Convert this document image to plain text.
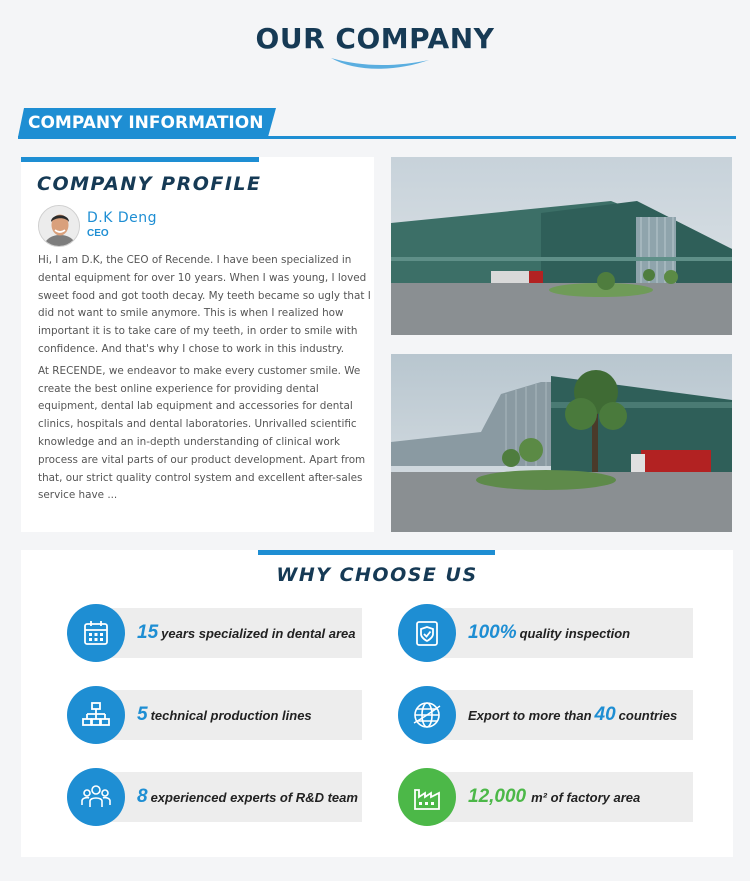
OUR COMPANY
COMPANY INFORMATION
COMPANY PROFILE
D.K Deng
CEO

Hi, I am D.K, the CEO of Recende. I have been specialized in dental equipment for over 10 years. When I was young, I loved sweet food and got tooth decay. My teeth became so ugly that I did not want to smile anymore. This is when I realized how important it is to take care of my teeth, in order to smile with confidence. And that's why I chose to work in this industry.

At RECENDE, we endeavor to make every customer smile. We create the best online experience for providing dental equipment, dental lab equipment and accessories for dental clinics, hospitals and dental laboratories. Unrivalled scientific knowledge and an in-depth understanding of clinical work process are vital parts of our product development. Apart from that, our strict quality control system and excellent after-sales service have ...

WHY CHOOSE US
15 years specialized in dental area	100% quality inspection
5 technical production lines	Export to more than 40 countries
8 experienced experts of R&D team	12,000 m² of factory area
